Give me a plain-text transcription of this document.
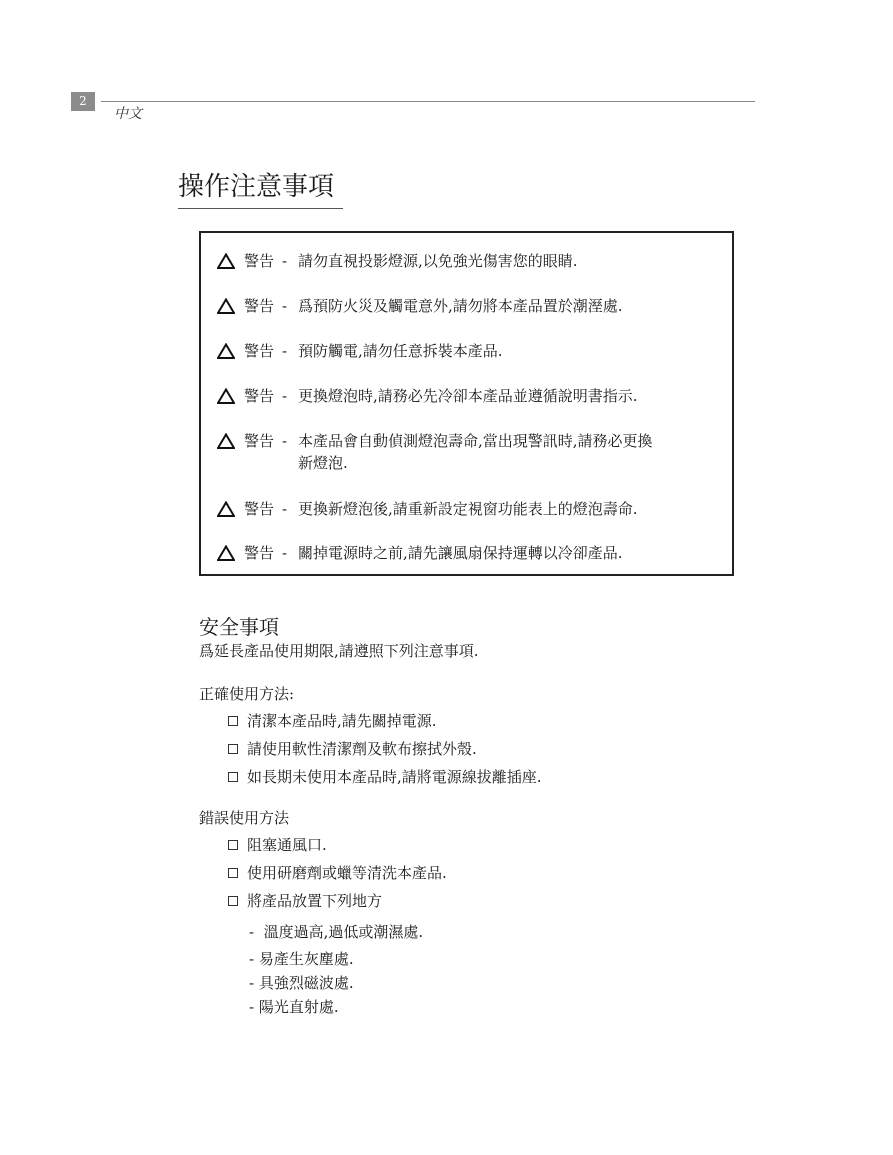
2
中文
操作注意事項
警告 - 請勿直視投影燈源,以免強光傷害您的眼睛.
警告 - 爲預防火災及觸電意外,請勿將本產品置於潮溼處.
警告 - 預防觸電,請勿任意拆裝本產品.
警告 - 更換燈泡時,請務必先冷卻本產品並遵循說明書指示.
警告 - 本產品會自動偵測燈泡壽命,當出現警訊時,請務必更換
新燈泡.
警告 - 更換新燈泡後,請重新設定視窗功能表上的燈泡壽命.
警告 - 關掉電源時之前,請先讓風扇保持運轉以冷卻產品.
安全事項
爲延長產品使用期限,請遵照下列注意事項.
正確使用方法:
清潔本產品時,請先關掉電源.
請使用軟性清潔劑及軟布擦拭外殼.
如長期未使用本產品時,請將電源線拔離插座.
錯誤使用方法
阻塞通風口.
使用研磨劑或蠟等清洗本產品.
將產品放置下列地方
-  溫度過高,過低或潮濕處.
- 易產生灰塵處.
- 具強烈磁波處.
- 陽光直射處.
